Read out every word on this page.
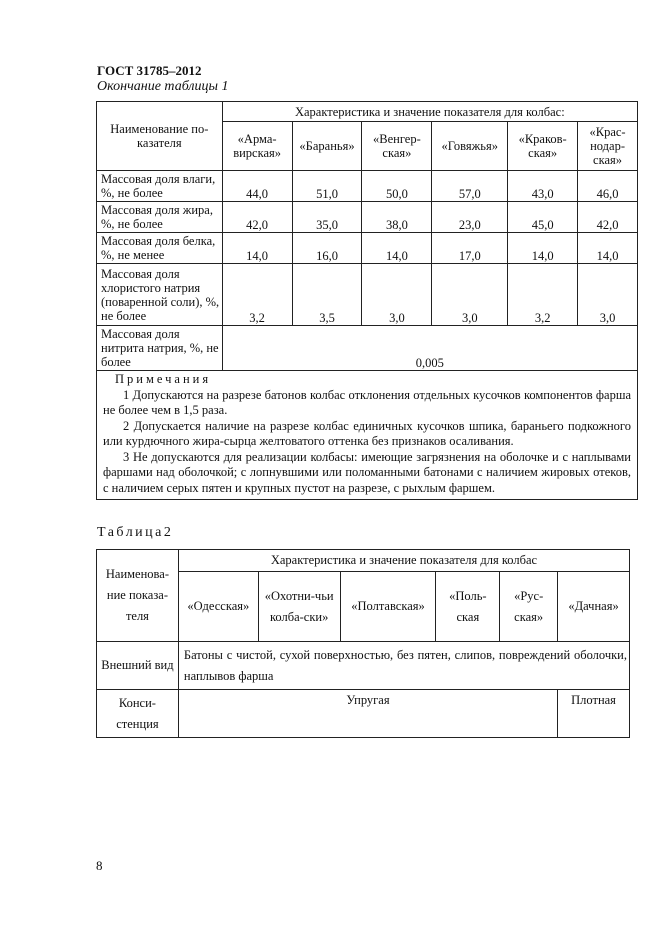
ГОСТ 31785–2012
Окончание таблицы 1
Наименование по-казателя	Характеристика и значение показателя для колбас:					
	«Арма-вирская»	«Баранья»	«Венгер-ская»	«Говяжья»	«Краков-ская»	«Крас-нодар-ская»
Массовая доля влаги, %, не более	44,0	51,0	50,0	57,0	43,0	46,0
Массовая доля жира, %, не более	42,0	35,0	38,0	23,0	45,0	42,0
Массовая доля белка, %, не менее	14,0	16,0	14,0	17,0	14,0	14,0
Массовая доля хлористого натрия (поваренной соли), %, не более	3,2	3,5	3,0	3,0	3,2	3,0
Массовая доля нитрита натрия, %, не более	0,005					

Примечания
1 Допускаются на разрезе батонов колбас отклонения отдельных кусочков компонентов фарша не более чем в 1,5 раза.
2 Допускается наличие на разрезе колбас единичных кусочков шпика, бараньего подкожного или курдючного жира-сырца желтоватого оттенка без признаков осаливания.
3 Не допускаются для реализации колбасы: имеющие загрязнения на оболочке и с наплывами фаршами над оболочкой; с лопнувшими или поломанными батонами с наличием жировых отеков, с наличием серых пятен и крупных пустот на разрезе, с рыхлым фаршем.						
Таблица2
Наименова-ние показа-теля	Характеристика и значение показателя для колбас					
	«Одесская»	«Охотни-чьи колба-ски»	«Полтавская»	«Поль-ская	«Рус-ская»	«Дачная»
Внешний вид	Батоны с чистой, сухой поверхностью, без пятен, слипов, повреждений оболочки, наплывов фарша					
Конси-стенция	Упругая					Плотная
8
